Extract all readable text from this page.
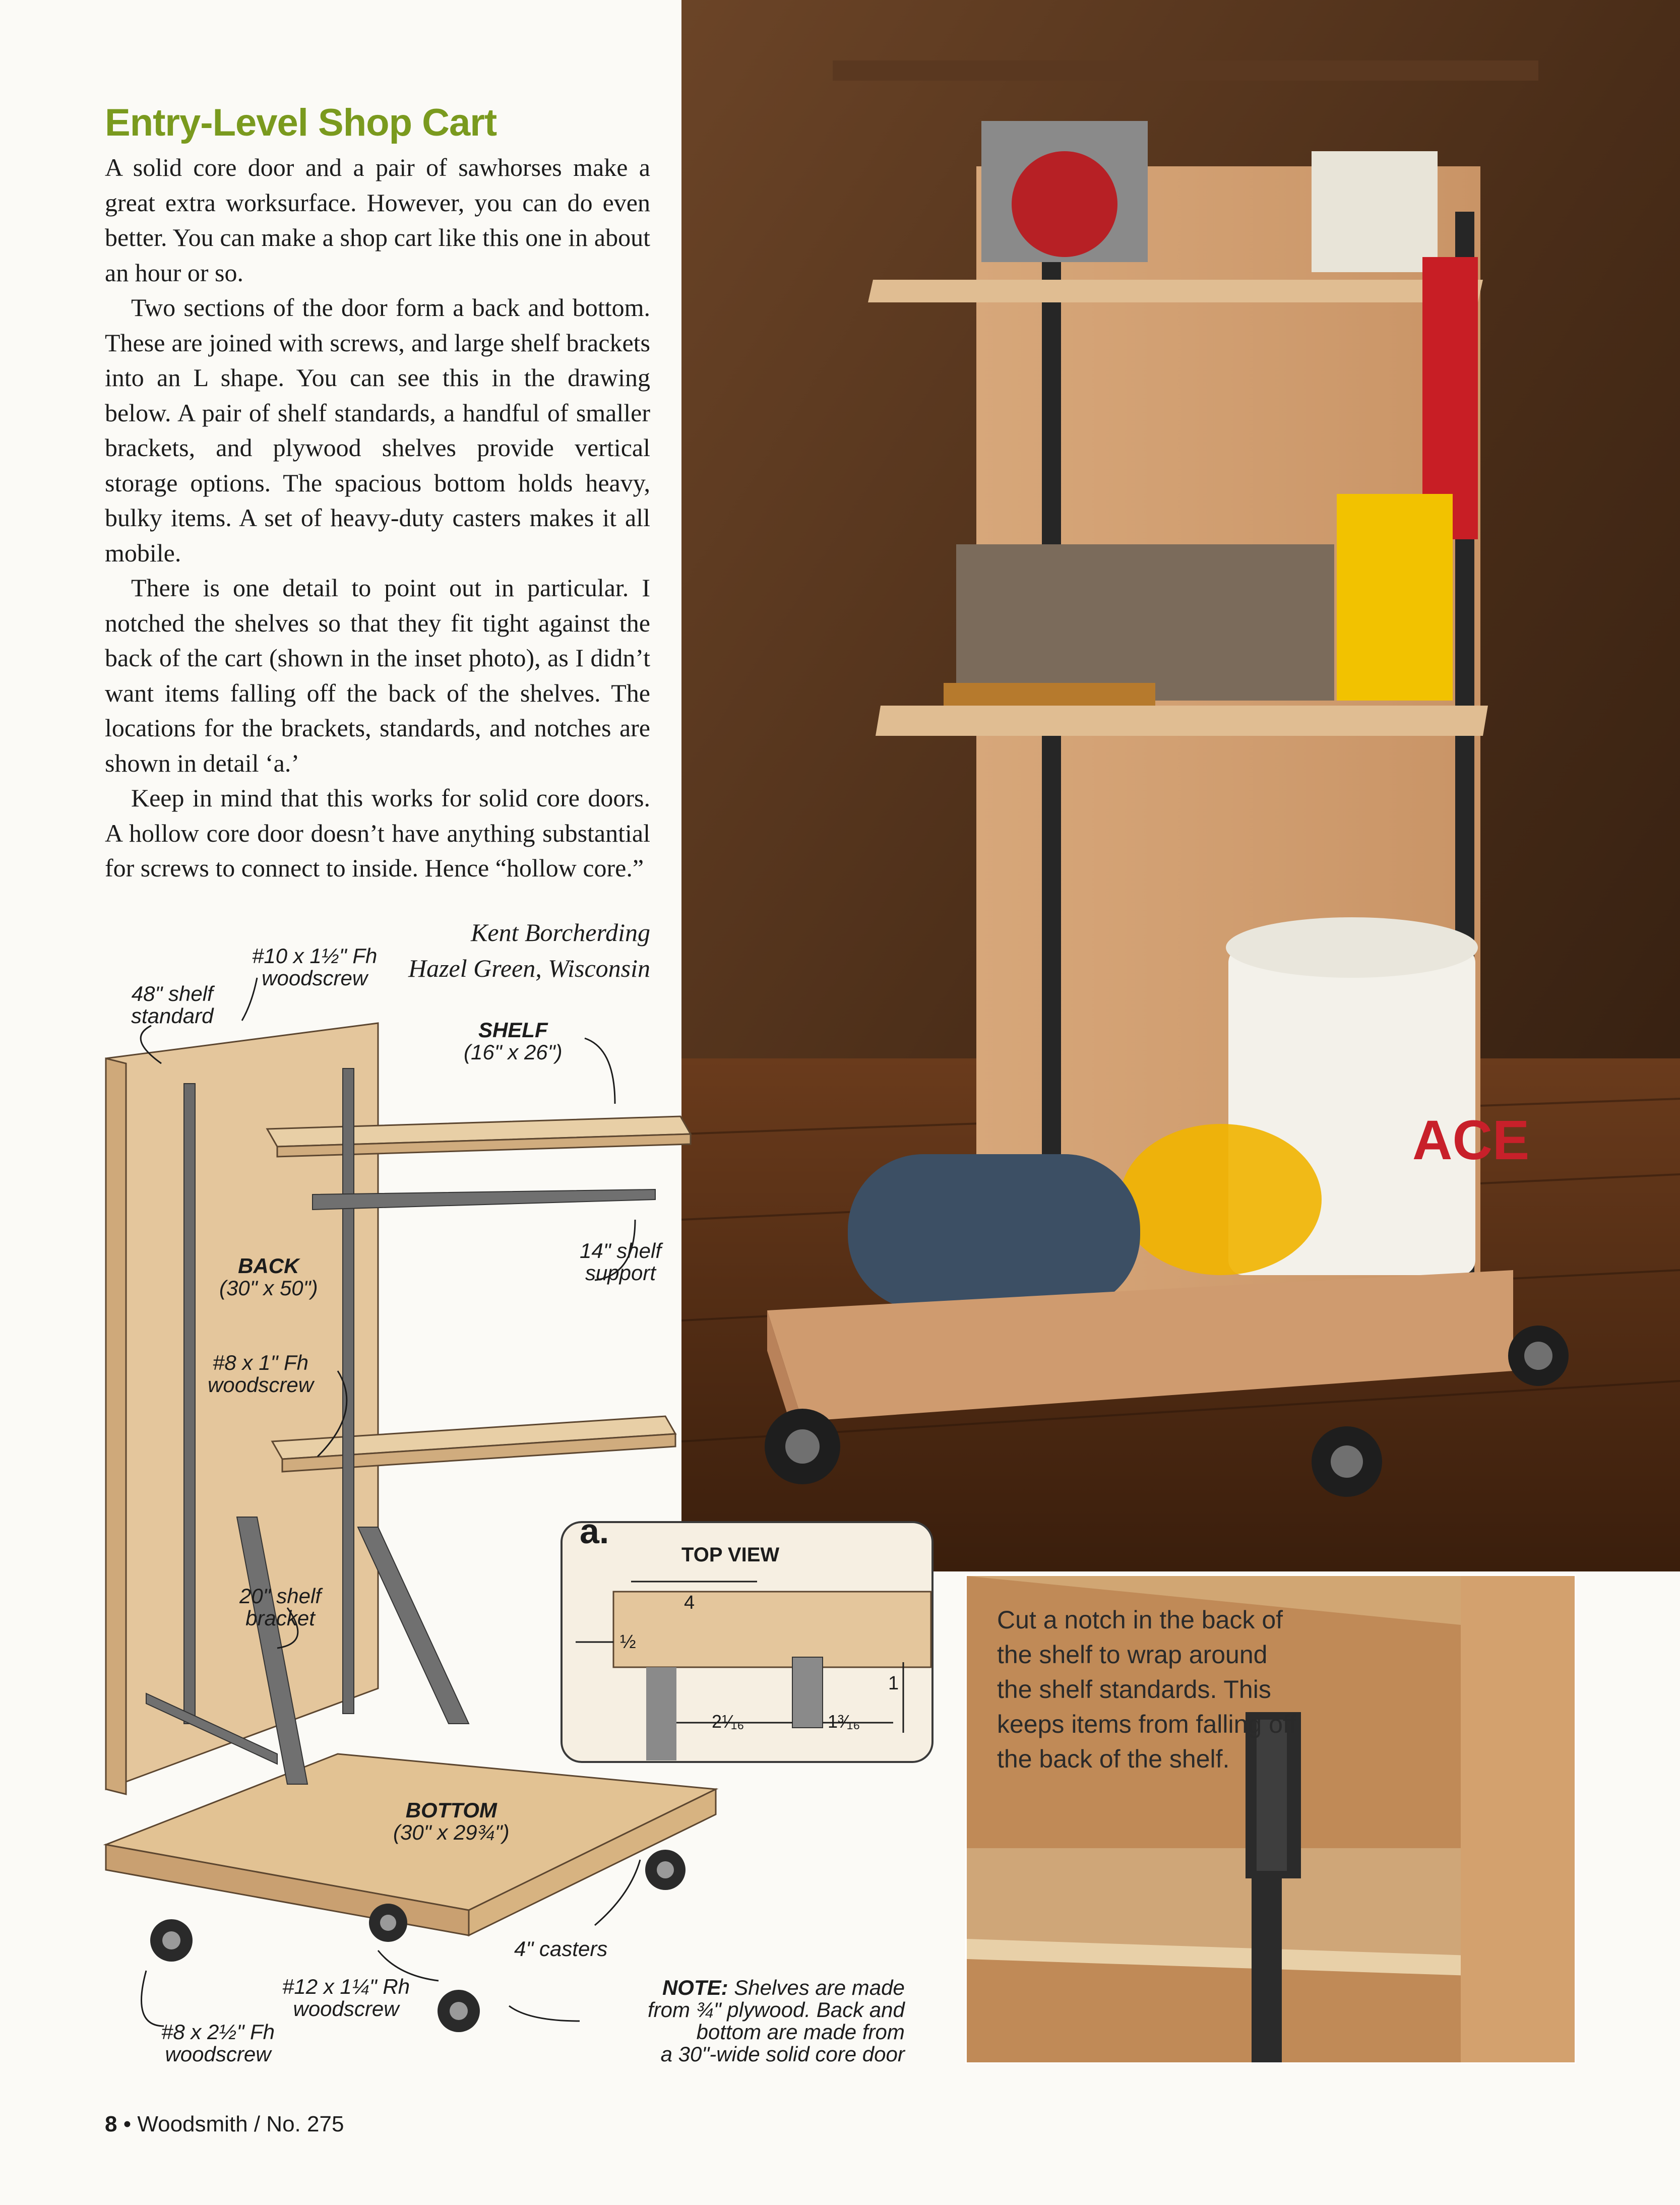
ACE
Cut a notch in the back of the shelf to wrap around the shelf standards. This keeps items from falling off the back of the shelf.
Entry-Level Shop Cart

A solid core door and a pair of sawhorses make a great extra worksurface. However, you can do even better. You can make a shop cart like this one in about an hour or so.

Two sections of the door form a back and bottom. These are joined with screws, and large shelf brackets into an L shape. You can see this in the drawing below. A pair of shelf standards, a handful of smaller brackets, and plywood shelves provide vertical storage options. The spacious bottom holds heavy, bulky items. A set of heavy-duty casters makes it all mobile.

There is one detail to point out in particular. I notched the shelves so that they fit tight against the back of the cart (shown in the inset photo), as I didn’t want items falling off the back of the shelves. The locations for the brackets, standards, and notches are shown in detail ‘a.’

Keep in mind that this works for solid core doors. A hollow core door doesn’t have anything substantial for screws to connect to inside. Hence “hollow core.”

Kent Borcherding
Hazel Green, Wisconsin
#10 x 1½" Fh
woodscrew
48" shelf
standard
SHELF
(16" x 26")
14" shelf
support
BACK
(30" x 50")
#8 x 1" Fh
woodscrew
20" shelf
bracket
BOTTOM
(30" x 29¾")
4" casters
#12 x 1¼" Rh
woodscrew
#8 x 2½" Fh
woodscrew
NOTE: Shelves are made
from ¾" plywood. Back and
bottom are made from
a 30"-wide solid core door
a.
TOP VIEW
4
½
1
2¹⁄₁₆	1³⁄₁₆
8 • Woodsmith / No. 275
